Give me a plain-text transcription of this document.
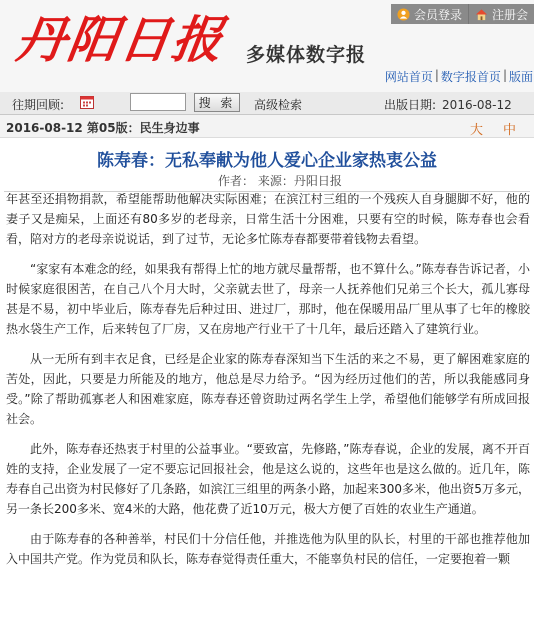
丹阳日报 多媒体数字报
会员登录	注册会
网站首页 | 数字报首页 | 版面
往期回顾:	搜 索	高级检索	出版日期: 2016-08-12
2016-08-12 第05版：民生身边事	大 中
陈寿春：无私奉献为他人爱心企业家热衷公益
作者： 来源：丹阳日报

年甚至还捐物捐款，希望能帮助他解决实际困难；在滨江村三组的一个残疾人自身腿脚不好，他的妻子又是痴呆，上面还有80多岁的老母亲，日常生活十分困难，只要有空的时候，陈寿春也会看看，陪对方的老母亲说说话，到了过节，无论多忙陈寿春都要带着钱物去看望。

“家家有本难念的经，如果我有帮得上忙的地方就尽量帮帮，也不算什么。”陈寿春告诉记者，小时候家庭很困苦，在自己八个月大时，父亲就去世了，母亲一人抚养他们兄弟三个长大，孤儿寡母甚是不易，初中毕业后，陈寿春先后种过田、进过厂，那时，他在保暖用品厂里从事了七年的橡胶热水袋生产工作，后来转包了厂房，又在房地产行业干了十几年，最后还踏入了建筑行业。

从一无所有到丰衣足食，已经是企业家的陈寿春深知当下生活的来之不易，更了解困难家庭的苦处，因此，只要是力所能及的地方，他总是尽力给予。“因为经历过他们的苦，所以我能感同身受。”除了帮助孤寡老人和困难家庭，陈寿春还曾资助过两名学生上学，希望他们能够学有所成回报社会。

此外，陈寿春还热衷于村里的公益事业。“要致富，先修路，”陈寿春说，企业的发展，离不开百姓的支持，企业发展了一定不要忘记回报社会，他是这么说的，这些年也是这么做的。近几年，陈寿春自己出资为村民修好了几条路，如滨江三组里的两条小路，加起来300多米，他出资5万多元，另一条长200多米、宽4米的大路，他花费了近10万元，极大方便了百姓的农业生产通道。

由于陈寿春的各种善举，村民们十分信任他，并推选他为队里的队长，村里的干部也推荐他加入中国共产党。作为党员和队长，陈寿春觉得责任重大，不能辜负村民的信任，一定要抱着一颗
